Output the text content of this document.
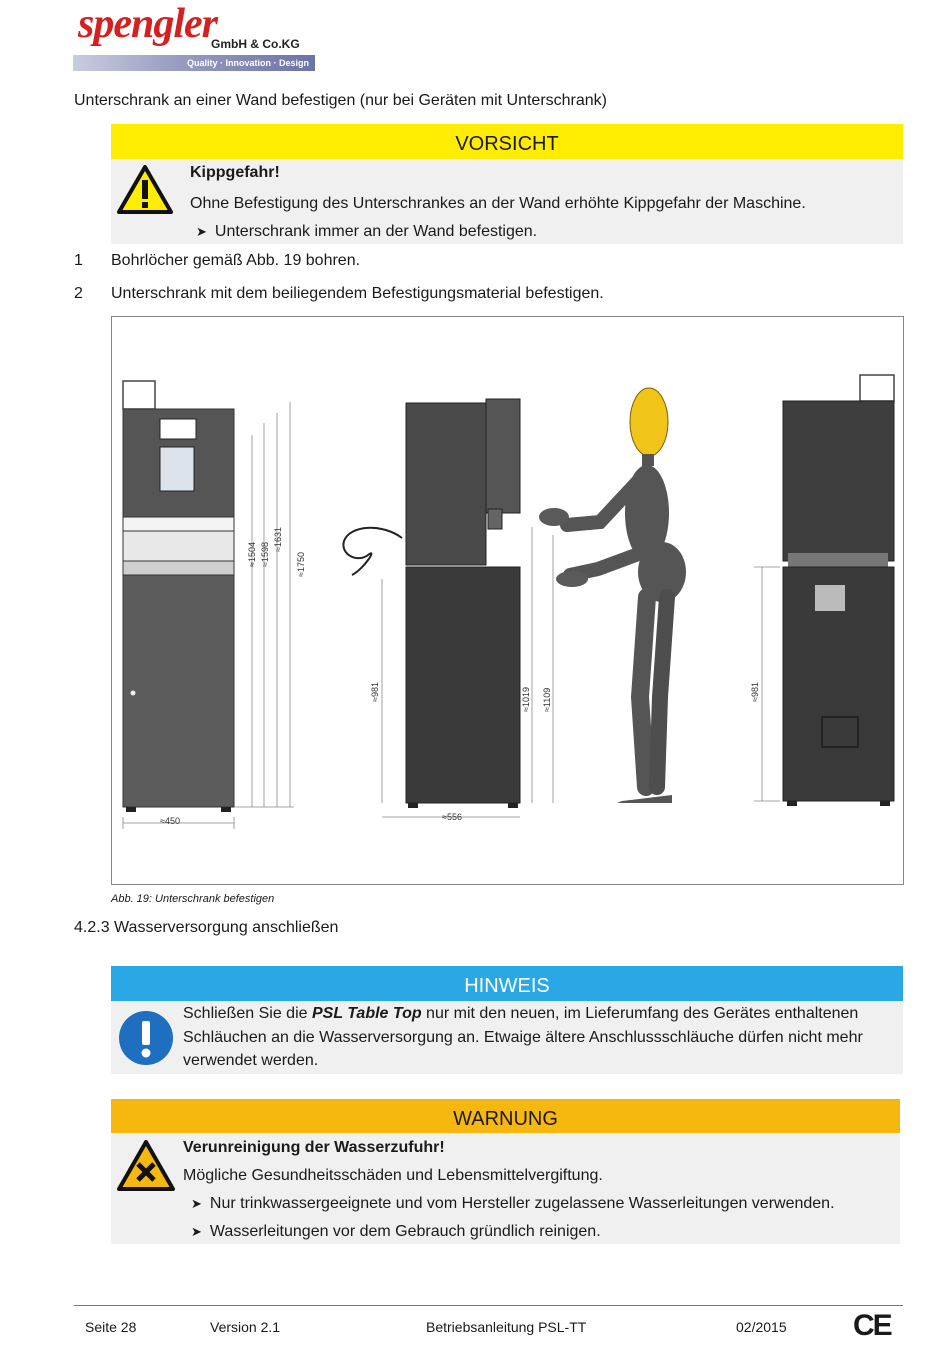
spengler
GmbH & Co.KG
Quality · Innovation · Design
Unterschrank an einer Wand befestigen (nur bei Geräten mit Unterschrank)
VORSICHT
Kippgefahr!
Ohne Befestigung des Unterschrankes an der Wand erhöhte Kippgefahr der Maschine.
➤ Unterschrank immer an der Wand befestigen.
1 Bohrlöcher gemäß Abb. 19 bohren.
2 Unterschrank mit dem beiliegendem Befestigungsmaterial befestigen.
≈450
≈1504 ≈1598
≈1631
≈1750
≈556
≈981	≈1019 ≈1109	≈981
Abb. 19: Unterschrank befestigen
4.2.3 Wasserversorgung anschließen
HINWEIS
Schließen Sie die PSL Table Top nur mit den neuen, im Lieferumfang des Gerätes enthaltenen
Schläuchen an die Wasserversorgung an. Etwaige ältere Anschlussschläuche dürfen nicht mehr
verwendet werden.
WARNUNG
Verunreinigung der Wasserzufuhr!
Mögliche Gesundheitsschäden und Lebensmittelvergiftung.
➤ Nur trinkwassergeeignete und vom Hersteller zugelassene Wasserleitungen verwenden.
➤ Wasserleitungen vor dem Gebrauch gründlich reinigen.
Seite 28	Version 2.1	Betriebsanleitung PSL-TT	02/2015 CE
